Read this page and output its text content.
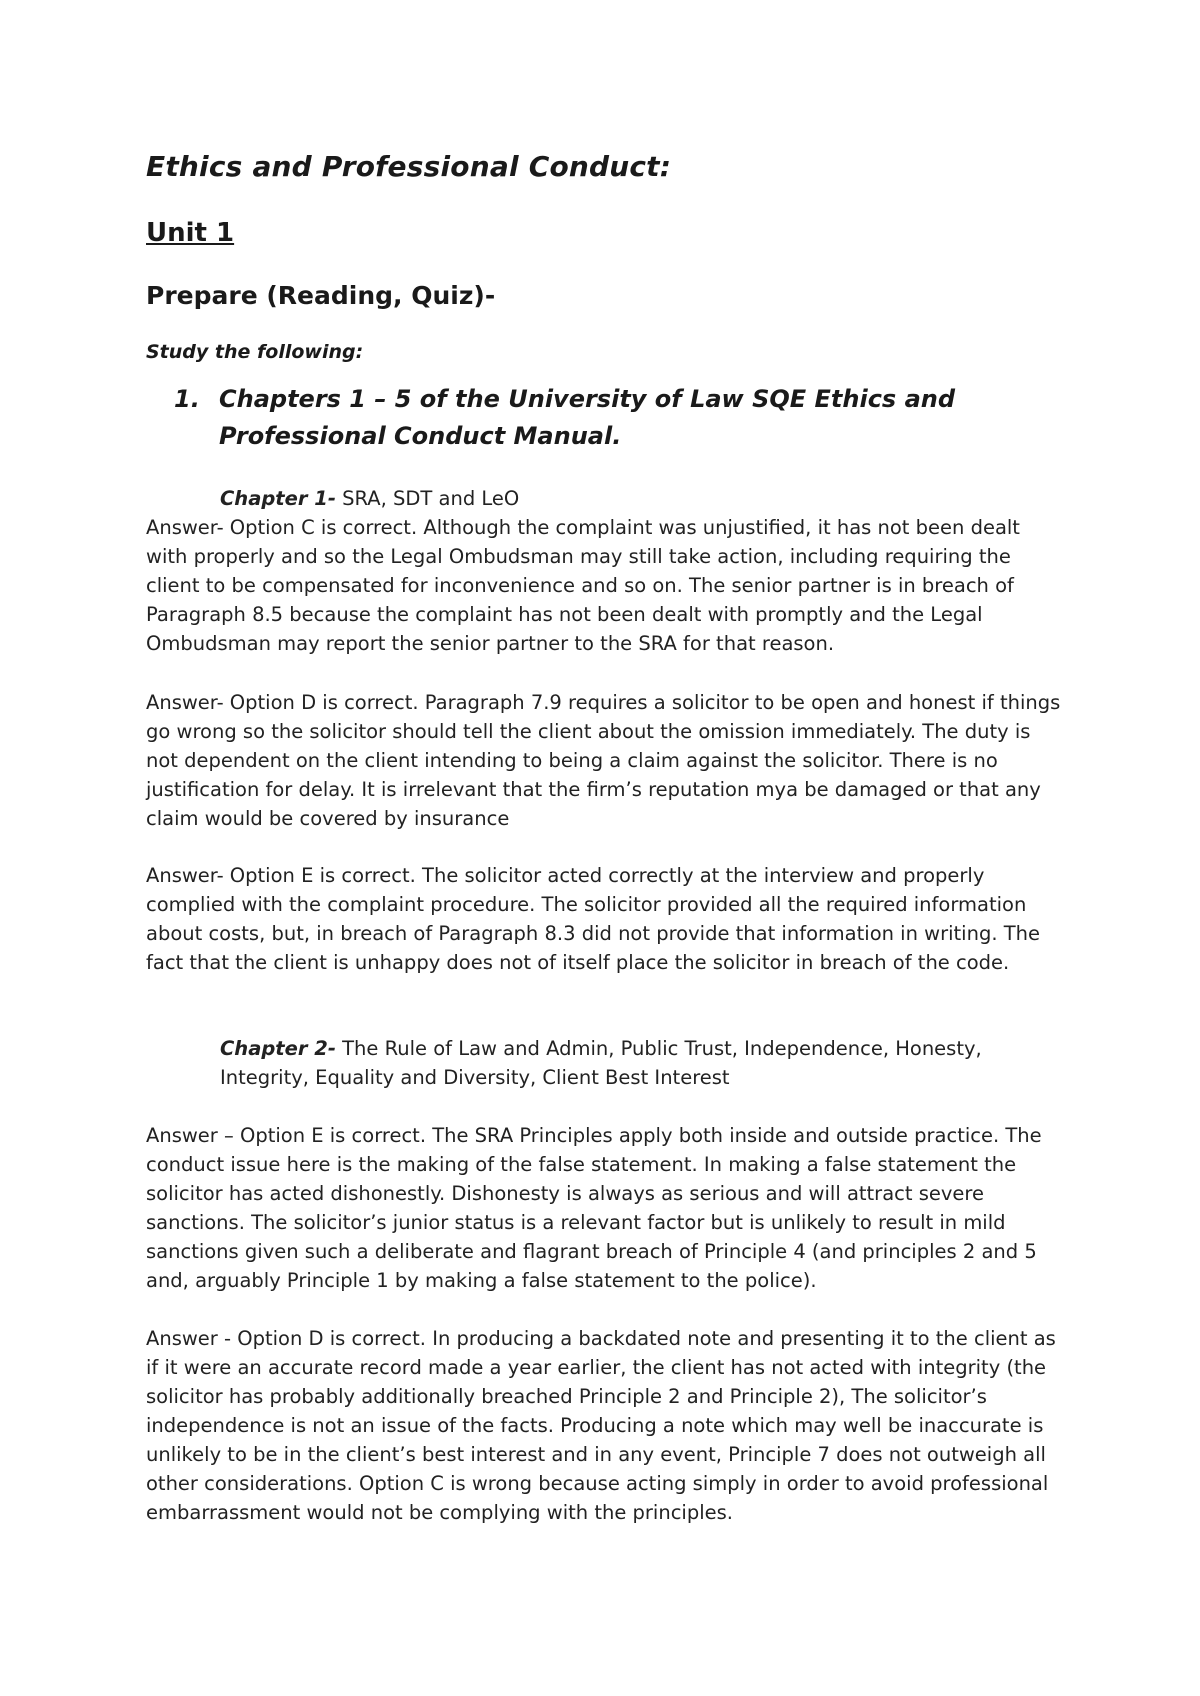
Ethics and Professional Conduct:
Unit 1
Prepare (Reading, Quiz)-

Study the following:

1. Chapters 1 – 5 of the University of Law SQE Ethics and Professional Conduct Manual.

Chapter 1- SRA, SDT and LeO

Answer- Option C is correct. Although the complaint was unjustified, it has not been dealt with properly and so the Legal Ombudsman may still take action, including requiring the client to be compensated for inconvenience and so on. The senior partner is in breach of Paragraph 8.5 because the complaint has not been dealt with promptly and the Legal Ombudsman may report the senior partner to the SRA for that reason.

Answer- Option D is correct. Paragraph 7.9 requires a solicitor to be open and honest if things go wrong so the solicitor should tell the client about the omission immediately. The duty is not dependent on the client intending to being a claim against the solicitor. There is no justification for delay. It is irrelevant that the firm’s reputation mya be damaged or that any claim would be covered by insurance

Answer- Option E is correct. The solicitor acted correctly at the interview and properly complied with the complaint procedure. The solicitor provided all the required information about costs, but, in breach of Paragraph 8.3 did not provide that information in writing. The fact that the client is unhappy does not of itself place the solicitor in breach of the code.

Chapter 2- The Rule of Law and Admin, Public Trust, Independence, Honesty, Integrity, Equality and Diversity, Client Best Interest

Answer – Option E is correct. The SRA Principles apply both inside and outside practice. The conduct issue here is the making of the false statement. In making a false statement the solicitor has acted dishonestly. Dishonesty is always as serious and will attract severe sanctions. The solicitor’s junior status is a relevant factor but is unlikely to result in mild sanctions given such a deliberate and flagrant breach of Principle 4 (and principles 2 and 5 and, arguably Principle 1 by making a false statement to the police).

Answer - Option D is correct. In producing a backdated note and presenting it to the client as if it were an accurate record made a year earlier, the client has not acted with integrity (the solicitor has probably additionally breached Principle 2 and Principle 2), The solicitor’s independence is not an issue of the facts. Producing a note which may well be inaccurate is unlikely to be in the client’s best interest and in any event, Principle 7 does not outweigh all other considerations. Option C is wrong because acting simply in order to avoid professional embarrassment would not be complying with the principles.
